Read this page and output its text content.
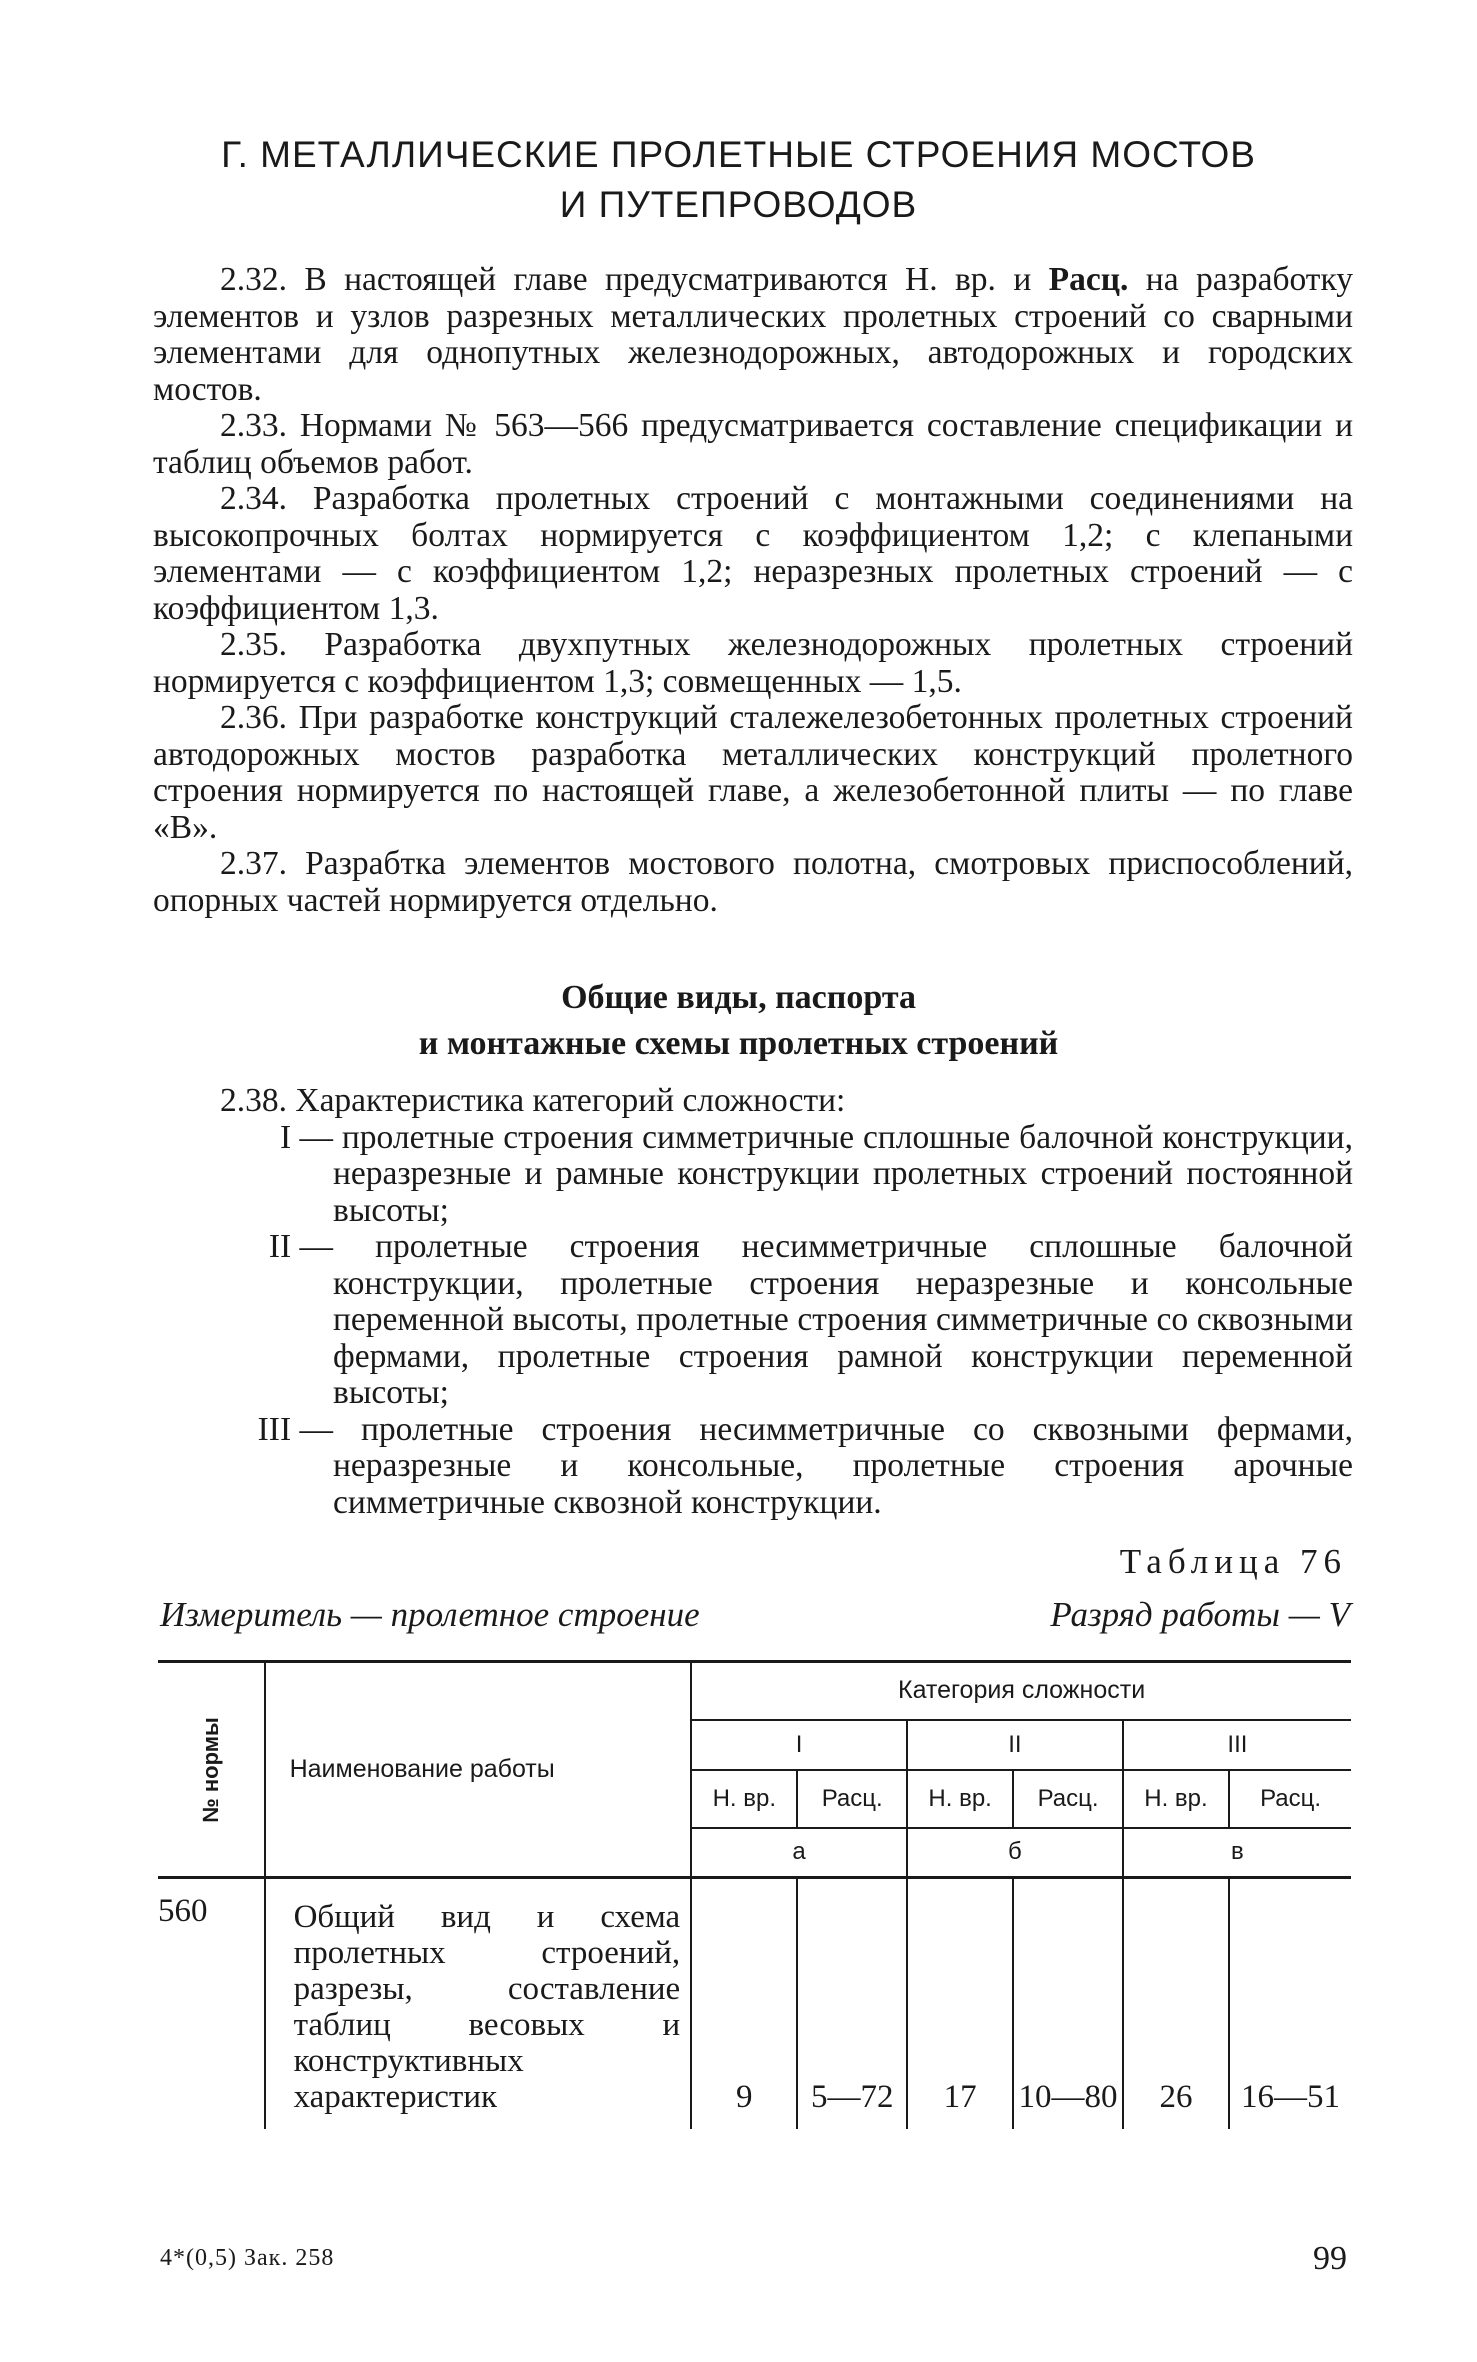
Г. МЕТАЛЛИЧЕСКИЕ ПРОЛЕТНЫЕ СТРОЕНИЯ МОСТОВ
И ПУТЕПРОВОДОВ
2.32. В настоящей главе предусматриваются Н. вр. и Расц. на разработку элементов и узлов разрезных металлических пролетных строений со сварными элементами для однопутных железнодорожных, автодорожных и городских мостов.
2.33. Нормами № 563—566 предусматривается составление спецификации и таблиц объемов работ.
2.34. Разработка пролетных строений с монтажными соединениями на высокопрочных болтах нормируется с коэффициентом 1,2; с клепаными элементами — с коэффициентом 1,2; неразрезных пролетных строений — с коэффициентом 1,3.
2.35. Разработка двухпутных железнодорожных пролетных строений нормируется с коэффициентом 1,3; совмещенных — 1,5.
2.36. При разработке конструкций сталежелезобетонных пролетных строений автодорожных мостов разработка металлических конструкций пролетного строения нормируется по настоящей главе, а железобетонной плиты — по главе «В».
2.37. Разрабтка элементов мостового полотна, смотровых приспособлений, опорных частей нормируется отдельно.
Общие виды, паспорта
и монтажные схемы пролетных строений
2.38. Характеристика категорий сложности:
I — пролетные строения симметричные сплошные балочной конструкции, неразрезные и рамные конструкции пролетных строений постоянной высоты;
II — пролетные строения несимметричные сплошные балочной конструкции, пролетные строения неразрезные и консольные переменной высоты, пролетные строения симметричные со сквозными фермами, пролетные строения рамной конструкции переменной высоты;
III — пролетные строения несимметричные со сквозными фермами, неразрезные и консольные, пролетные строения арочные симметричные сквозной конструкции.
Таблица 76
Измеритель — пролетное строение	Разряд работы — V
№ нормы	Наименование работы	Категория сложности					
		I		II		III	
		Н. вр.	Расц.	Н. вр.	Расц.	Н. вр.	Расц.
		а		б		в	
560	Общий вид и схема пролетных строений, разрезы, составление таблиц весовых и конструктивных характеристик	9	5—72	17	10—80	26	16—51
4*(0,5) Зак. 258	99
